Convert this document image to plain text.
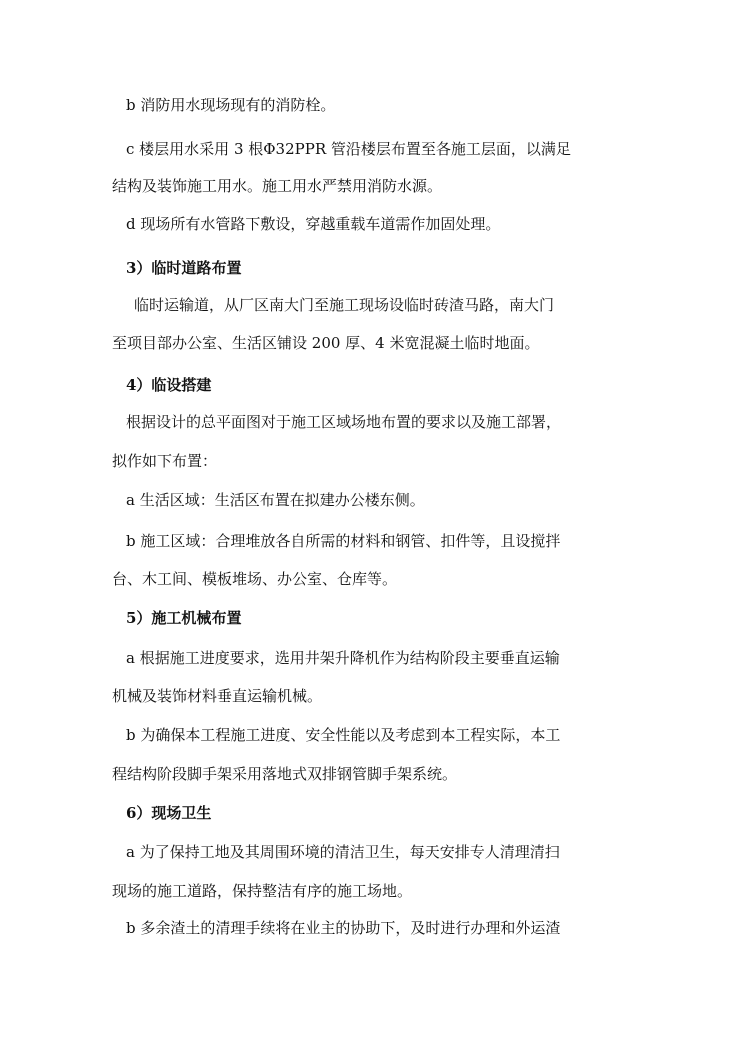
b 消防用水现场现有的消防栓。
c 楼层用水采用 3 根Φ32PPR 管沿楼层布置至各施工层面，以满足
结构及装饰施工用水。施工用水严禁用消防水源。
d 现场所有水管路下敷设，穿越重载车道需作加固处理。
3）临时道路布置
临时运输道，从厂区南大门至施工现场设临时砖渣马路，南大门
至项目部办公室、生活区铺设 200 厚、4 米宽混凝土临时地面。
4）临设搭建
根据设计的总平面图对于施工区域场地布置的要求以及施工部署，
拟作如下布置：
a 生活区域：生活区布置在拟建办公楼东侧。
b 施工区域：合理堆放各自所需的材料和钢管、扣件等，且设搅拌
台、木工间、模板堆场、办公室、仓库等。
5）施工机械布置
a 根据施工进度要求，选用井架升降机作为结构阶段主要垂直运输
机械及装饰材料垂直运输机械。
b 为确保本工程施工进度、安全性能以及考虑到本工程实际，本工
程结构阶段脚手架采用落地式双排钢管脚手架系统。
6）现场卫生
a 为了保持工地及其周围环境的清洁卫生，每天安排专人清理清扫
现场的施工道路，保持整洁有序的施工场地。
b 多余渣土的清理手续将在业主的协助下，及时进行办理和外运渣
